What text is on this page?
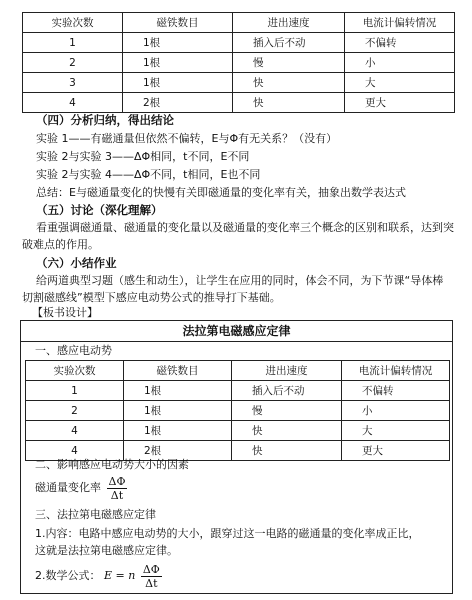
实验次数	磁铁数目	进出速度	电流计偏转情况
1	1根	插入后不动	不偏转
2	1根	慢	小
3	1根	快	大
4	2根	快	更大
（四）分析归纳，得出结论
实验 1——有磁通量但依然不偏转，E与Φ有无关系？（没有）
实验 2与实验 3——ΔΦ相同，t不同，E不同
实验 2与实验 4——ΔΦ不同，t相同，E也不同
总结：E与磁通量变化的快慢有关即磁通量的变化率有关，抽象出数学表达式
（五）讨论（深化理解）
看重强调磁通量、磁通量的变化量以及磁通量的变化率三个概念的区别和联系，达到突
破难点的作用。
（六）小结作业
给两道典型习题（感生和动生），让学生在应用的同时，体会不同，为下节课“导体棒
切割磁感线”模型下感应电动势公式的推导打下基础。
【板书设计】
法拉第电磁感应定律
一、感应电动势
实验次数	磁铁数目	进出速度	电流计偏转情况
1	1根	插入后不动	不偏转
2	1根	慢	小
4	1根	快	大
4	2根	快	更大
二、影响感应电动势大小的因素
磁通量变化率 $\frac{\Delta\Phi}{\Delta t}$
三、法拉第电磁感应定律
1.内容：电路中感应电动势的大小，跟穿过这一电路的磁通量的变化率成正比，
这就是法拉第电磁感应定律。
2.数学公式： E = n $\frac{\Delta\Phi}{\Delta t}$
